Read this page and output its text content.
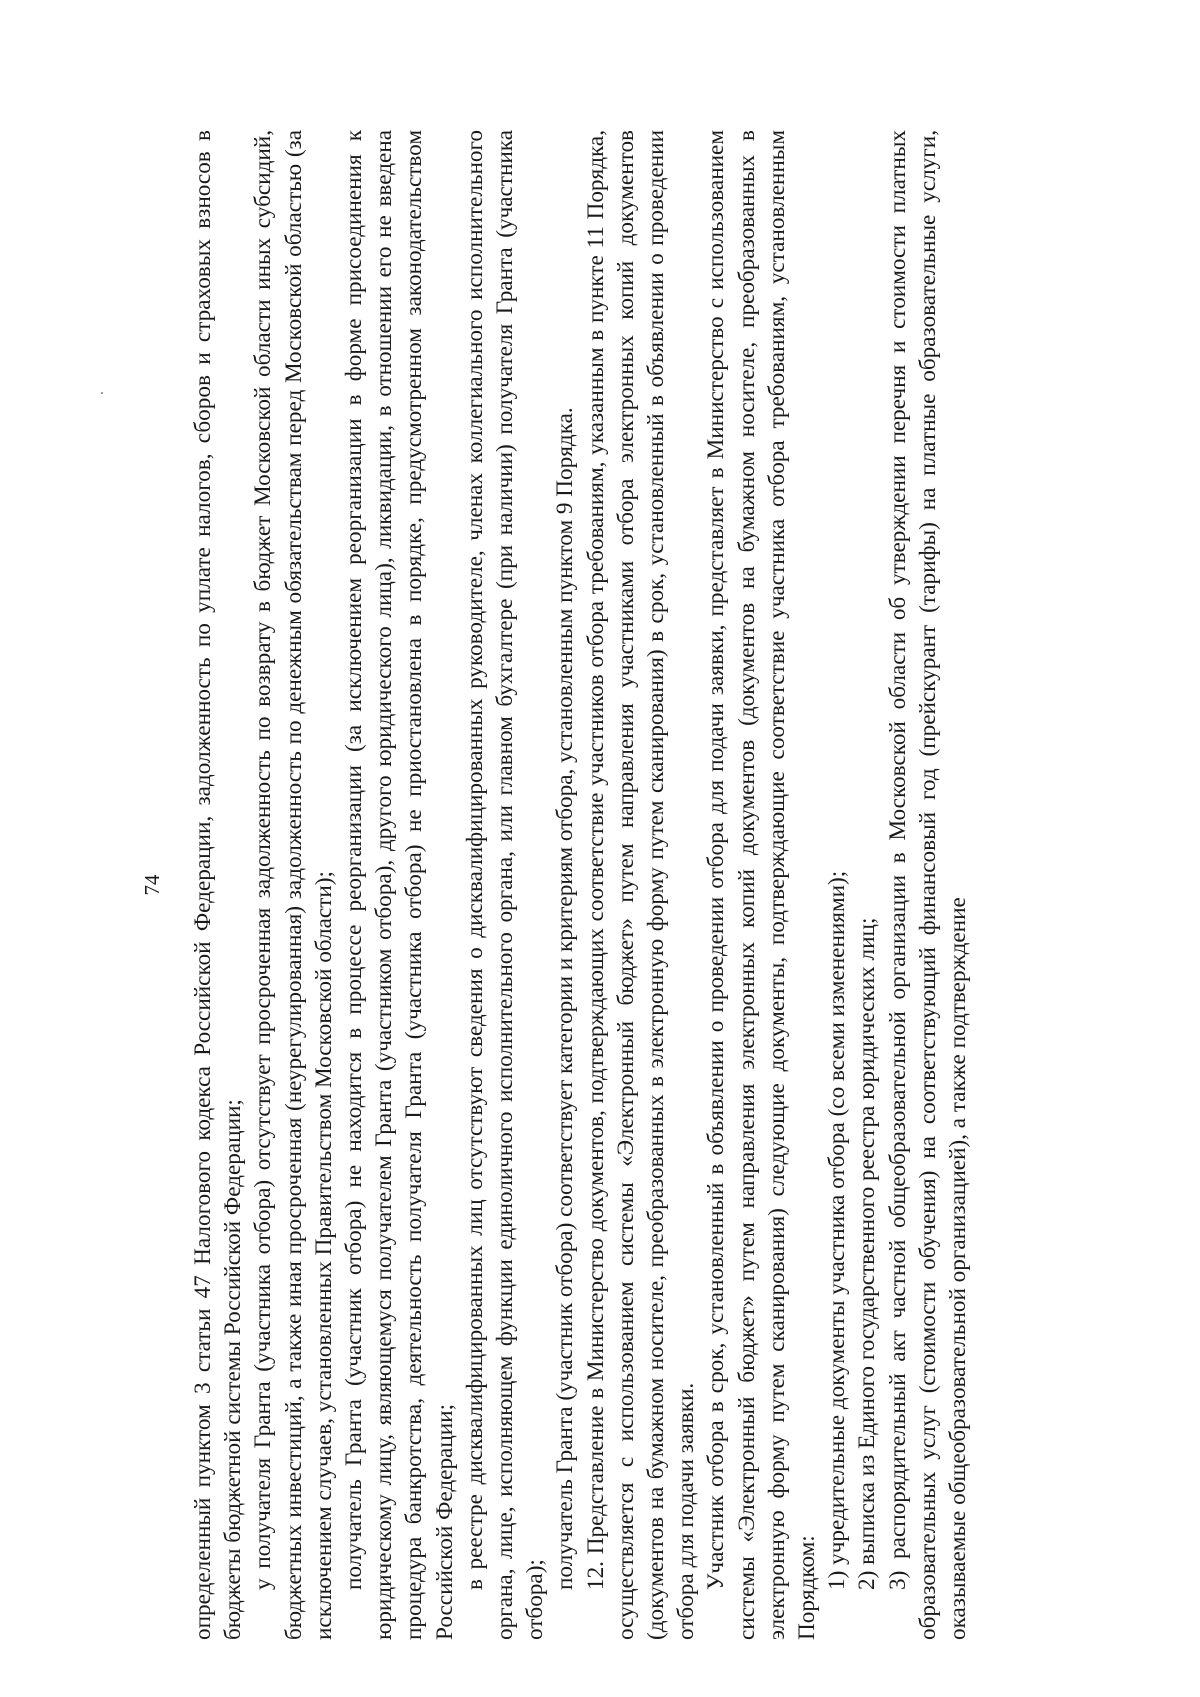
74 определенный пунктом 3 статьи 47 Налогового кодекса Российской Федерации, задолженность по уплате налогов, сборов и страховых взносов в бюджеты бюджетной системы Российской Федерации; у получателя Гранта (участника отбора) отсутствует просроченная задолженность по возврату в бюджет Московской области иных субсидий, бюджетных инвестиций, а также иная просроченная (неурегулированная) задолженность по денежным обязательствам перед Московской областью (за исключением случаев, установленных Правительством Московской области); получатель Гранта (участник отбора) не находится в процессе реорганизации (за исключением реорганизации в форме присоединения к юридическому лицу, являющемуся получателем Гранта (участником отбора), другого юридического лица), ликвидации, в отношении его не введена процедура банкротства, деятельность получателя Гранта (участника отбора) не приостановлена в порядке, предусмотренном законодательством Российской Федерации; в реестре дисквалифицированных лиц отсутствуют сведения о дисквалифицированных руководителе, членах коллегиального исполнительного органа, лице, исполняющем функции единоличного исполнительного органа, или главном бухгалтере (при наличии) получателя Гранта (участника отбора);

получатель Гранта (участник отбора) соответствует категории и критериям отбора, установленным пунктом 9 Порядка. 12. Представление в Министерство документов, подтверждающих соответствие участников отбора требованиям, указанным в пункте 11 Порядка, осуществляется с использованием системы «Электронный бюджет» путем направления участниками отбора электронных копий документов (документов на бумажном носителе, преобразованных в электронную форму путем сканирования) в срок, установленный в объявлении о проведении отбора для подачи заявки. Участник отбора в срок, установленный в объявлении о проведении отбора для подачи заявки, представляет в Министерство с использованием системы «Электронный бюджет» путем направления электронных копий документов (документов на бумажном носителе, преобразованных в электронную форму путем сканирования) следующие документы, подтверждающие соответствие участника отбора требованиям, установленным Порядком: 1) учредительные документы участника отбора (со всеми изменениями); 2) выписка из Единого государственного реестра юридических лиц; 3) распорядительный акт частной общеобразовательной организации в Московской области об утверждении перечня и стоимости платных образовательных услуг (стоимости обучения) на соответствующий финансовый год (прейскурант (тарифы) на платные образовательные услуги, оказываемые общеобразовательной организацией), а также подтверждение
